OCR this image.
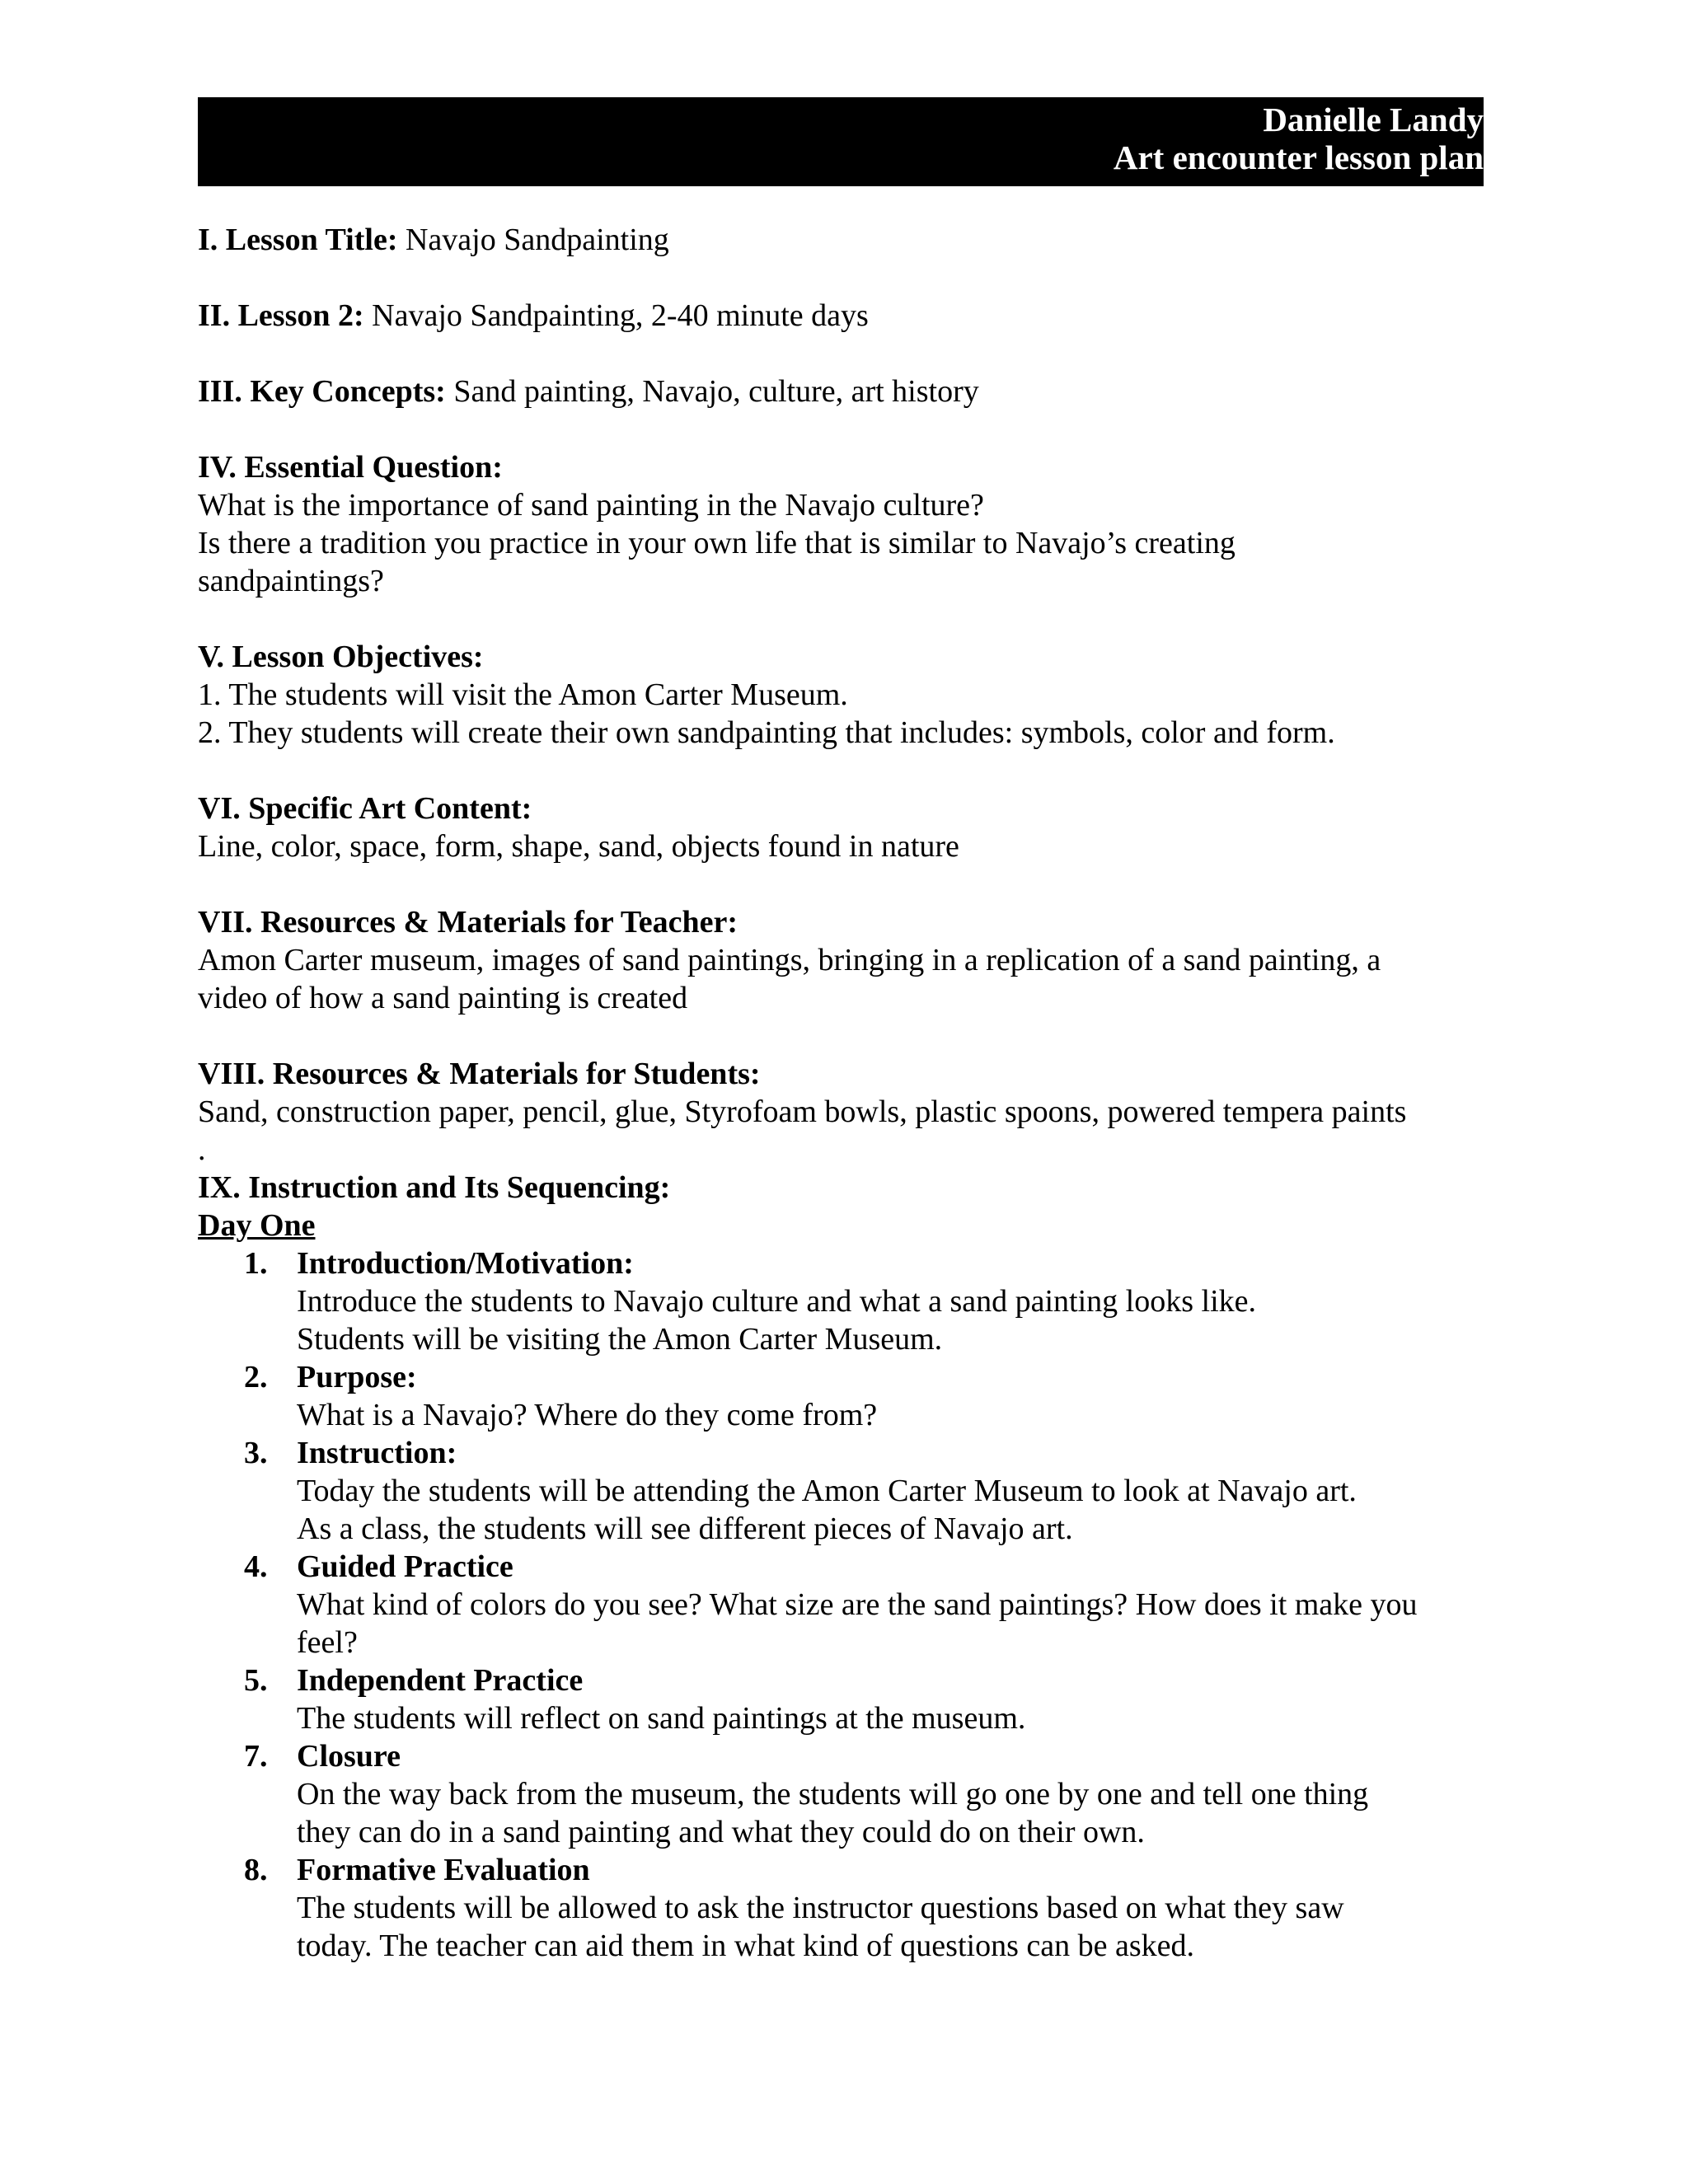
Danielle Landy
Art encounter lesson plan

I. Lesson Title: Navajo Sandpainting

II. Lesson 2: Navajo Sandpainting, 2-40 minute days

III. Key Concepts: Sand painting, Navajo, culture, art history

IV. Essential Question:

What is the importance of sand painting in the Navajo culture?

Is there a tradition you practice in your own life that is similar to Navajo’s creating

sandpaintings?

V. Lesson Objectives:

1. The students will visit the Amon Carter Museum.

2. They students will create their own sandpainting that includes: symbols, color and form.

VI. Specific Art Content:

Line, color, space, form, shape, sand, objects found in nature

VII. Resources & Materials for Teacher:

Amon Carter museum, images of sand paintings, bringing in a replication of a sand painting, a

video of how a sand painting is created

VIII. Resources & Materials for Students:

Sand, construction paper, pencil, glue, Styrofoam bowls, plastic spoons, powered tempera paints

.

IX. Instruction and Its Sequencing:

Day One

1. Introduction/Motivation:
Introduce the students to Navajo culture and what a sand painting looks like.
Students will be visiting the Amon Carter Museum.
2. Purpose:
What is a Navajo? Where do they come from?
3. Instruction:
Today the students will be attending the Amon Carter Museum to look at Navajo art.
As a class, the students will see different pieces of Navajo art.
4. Guided Practice
What kind of colors do you see? What size are the sand paintings? How does it make you
feel?
5. Independent Practice
The students will reflect on sand paintings at the museum.
7. Closure
On the way back from the museum, the students will go one by one and tell one thing
they can do in a sand painting and what they could do on their own.
8. Formative Evaluation
The students will be allowed to ask the instructor questions based on what they saw
today. The teacher can aid them in what kind of questions can be asked.
